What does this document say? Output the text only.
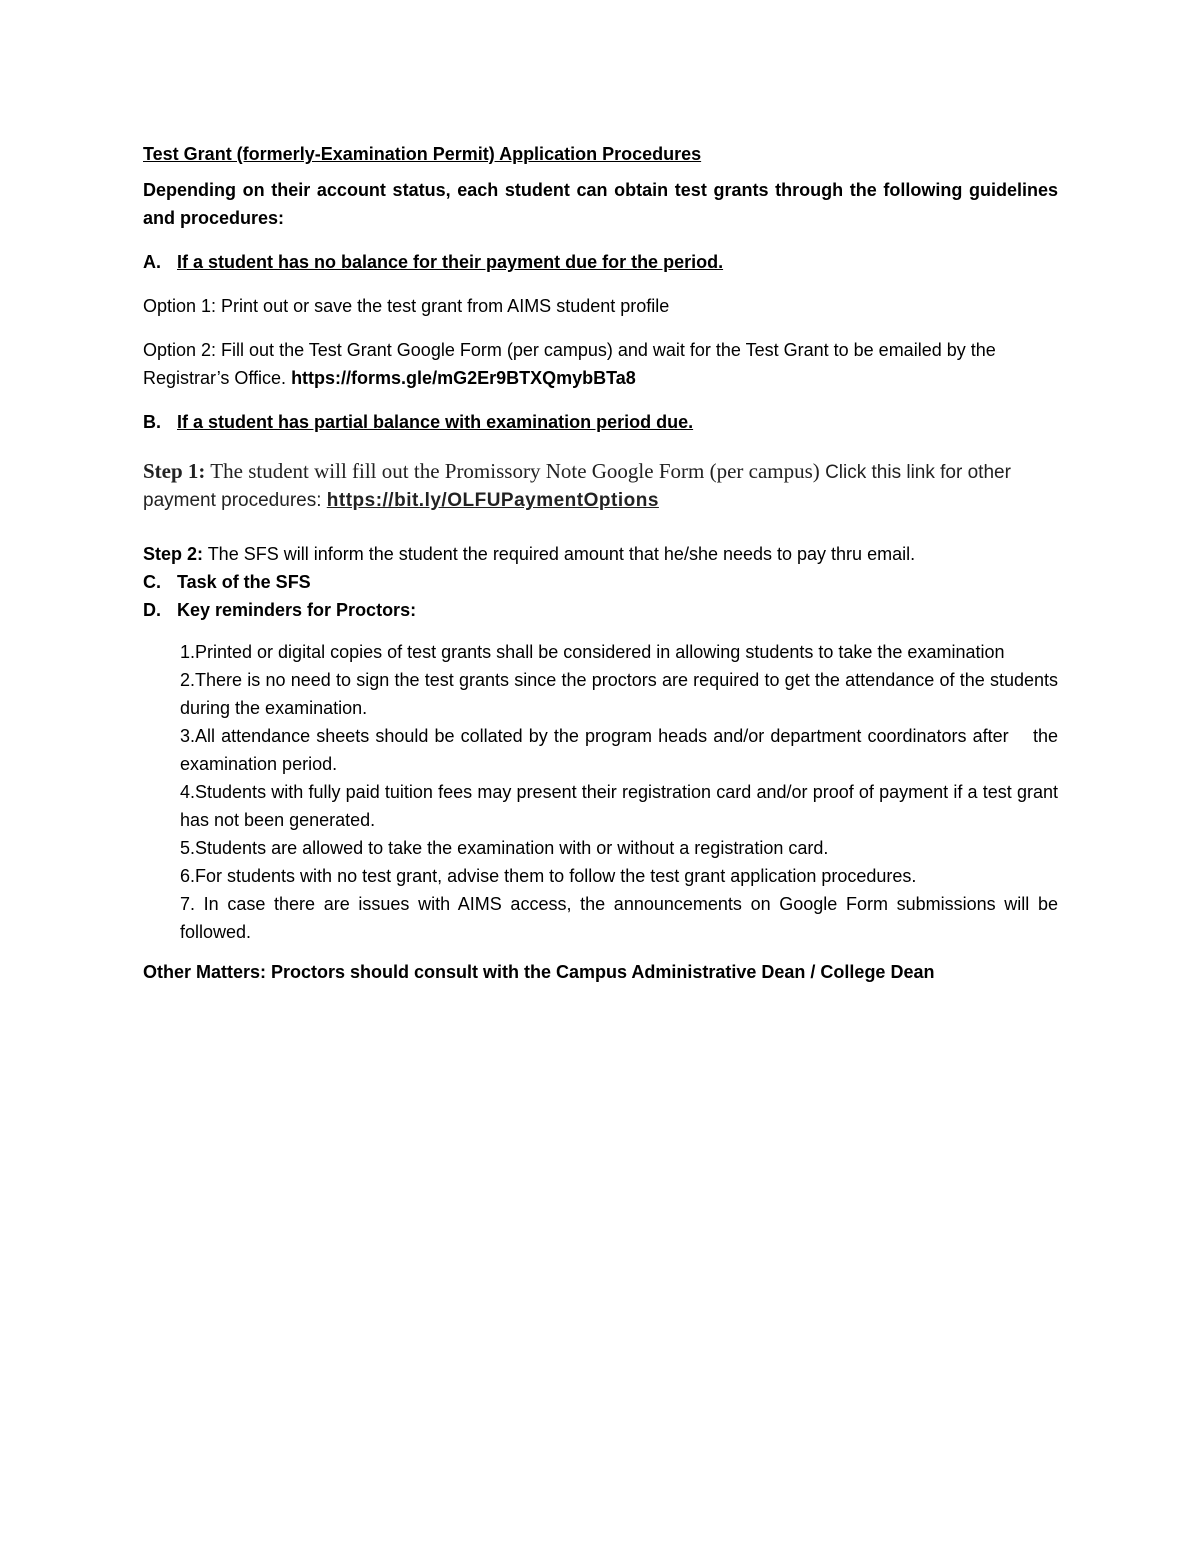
Test Grant (formerly-Examination Permit) Application Procedures

Depending on their account status, each student can obtain test grants through the following guidelines and procedures:

A. If a student has no balance for their payment due for the period.

Option 1: Print out or save the test grant from AIMS student profile

Option 2: Fill out the Test Grant Google Form (per campus) and wait for the Test Grant to be emailed by the Registrar’s Office. https://forms.gle/mG2Er9BTXQmybBTa8

B. If a student has partial balance with examination period due.

Step 1: The student will fill out the Promissory Note Google Form (per campus) Click this link for other payment procedures: https://bit.ly/OLFUPaymentOptions

Step 2: The SFS will inform the student the required amount that he/she needs to pay thru email.

C. Task of the SFS
D. Key reminders for Proctors:

1.Printed or digital copies of test grants shall be considered in allowing students to take the examination

2.There is no need to sign the test grants since the proctors are required to get the attendance of the students during the examination.

3.All attendance sheets should be collated by the program heads and/or department coordinators after    the examination period.

4.Students with fully paid tuition fees may present their registration card and/or proof of payment if a test grant has not been generated.

5.Students are allowed to take the examination with or without a registration card.

6.For students with no test grant, advise them to follow the test grant application procedures.

7. In case there are issues with AIMS access, the announcements on Google Form submissions will be followed.

Other Matters: Proctors should consult with the Campus Administrative Dean / College Dean
